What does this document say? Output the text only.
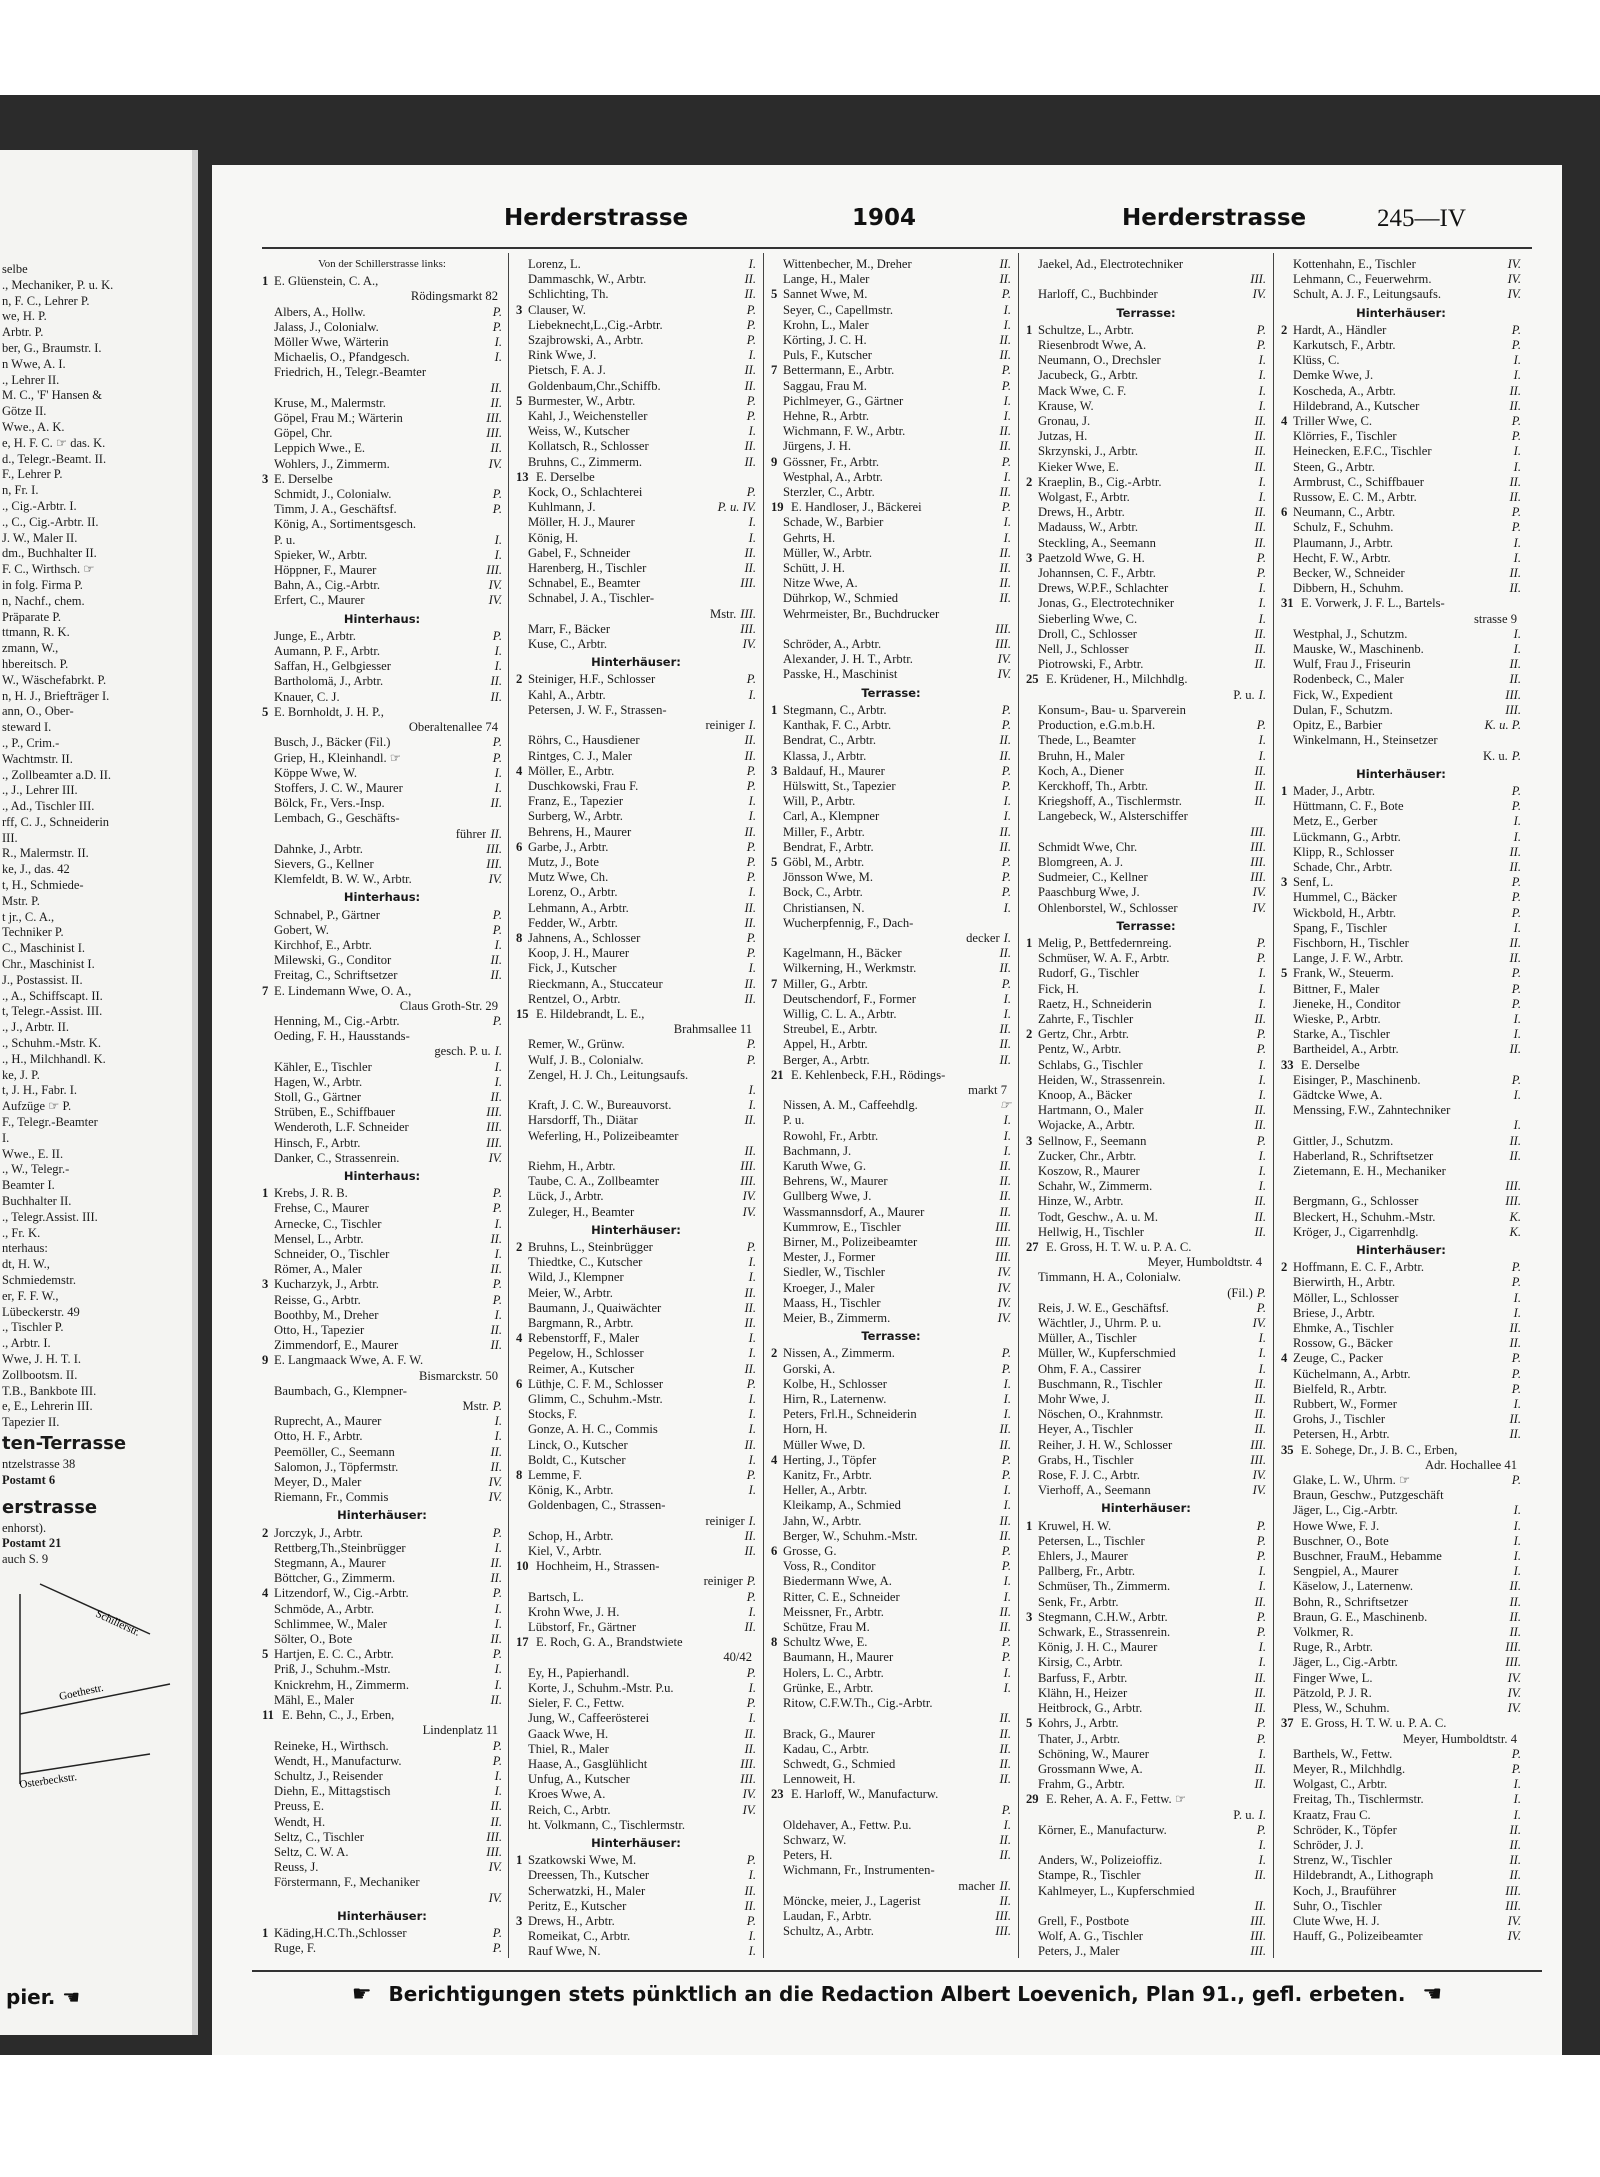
selbe
., Mechaniker, P. u. K.
n, F. C., Lehrer P.
we, H. P.
Arbtr. P.
ber, G., Braumstr. I.
n Wwe, A. I.
., Lehrer II.
M. C., 'F' Hansen &
Götze II.
Wwe., A. K.
e, H. F. C. ☞ das. K.
d., Telegr.-Beamt. II.
F., Lehrer P.
n, Fr. I.
., Cig.-Arbtr. I.
., C., Cig.-Arbtr. II.
J. W., Maler II.
dm., Buchhalter II.
F. C., Wirthsch. ☞
in folg. Firma P.
n, Nachf., chem.
Präparate P.
ttmann, R. K.
zmann, W.,
hbereitsch. P.
W., Wäschefabrkt. P.
n, H. J., Briefträger I.
ann, O., Ober-
steward I.
., P., Crim.-
Wachtmstr. II.
., Zollbeamter a.D. II.
., J., Lehrer III.
., Ad., Tischler III.
rff, C. J., Schneiderin
III.
R., Malermstr. II.
ke, J., das. 42
t, H., Schmiede-
Mstr. P.
t jr., C. A.,
Techniker P.
C., Maschinist I.
Chr., Maschinist I.
J., Postassist. II.
., A., Schiffscapt. II.
t, Telegr.-Assist. III.
., J., Arbtr. II.
., Schuhm.-Mstr. K.
., H., Milchhandl. K.
ke, J. P.
t, J. H., Fabr. I.
Aufzüge ☞ P.
F., Telegr.-Beamter
I.
Wwe., E. II.
., W., Telegr.-
Beamter I.
Buchhalter II.
., Telegr.Assist. III.
., Fr. K.
nterhaus:
dt, H. W.,
Schmiedemstr.
er, F. F. W.,
Lübeckerstr. 49
., Tischler P.
., Arbtr. I.
Wwe, J. H. T. I.
Zollbootsm. II.
T.B., Bankbote III.
e, E., Lehrerin III.
Tapezier II.
ten-Terrasse
ntzelstrasse 38
Postamt 6
erstrasse
enhorst).
Postamt 21
auch S. 9
Schillerstr.
Goethestr.
Osterbeckstr.
pier. ☚
Herderstrasse	1904	Herderstrasse	245—IV
Von der Schillerstrasse links:
1 E. Glüenstein, C. A.,
Rödingsmarkt 82
Albers, A., Hollw.	P.
Jalass, J., Colonialw.	P.
Möller Wwe, Wärterin	I.
Michaelis, O., Pfandgesch.	I.
Friedrich, H., Telegr.-Beamter
II.
Kruse, M., Malermstr.	II.
Göpel, Frau M.; Wärterin	III.
Göpel, Chr.	III.
Leppich Wwe., E.	II.
Wohlers, J., Zimmerm.	IV.
3 E. Derselbe
Schmidt, J., Colonialw.	P.
Timm, J. A., Geschäftsf.	P.
König, A., Sortimentsgesch.
P. u.	I.
Spieker, W., Arbtr.	I.
Höppner, F., Maurer	III.
Bahn, A., Cig.-Arbtr.	IV.
Erfert, C., Maurer	IV.
Hinterhaus:
Junge, E., Arbtr.	P.
Aumann, P. F., Arbtr.	I.
Saffan, H., Gelbgiesser	I.
Bartholomä, J., Arbtr.	II.
Knauer, C. J.	II.
5 E. Bornholdt, J. H. P.,
Oberaltenallee 74
Busch, J., Bäcker (Fil.)	P.
Griep, H., Kleinhandl. ☞	P.
Köppe Wwe, W.	I.
Stoffers, J. C. W., Maurer	I.
Bölck, Fr., Vers.-Insp.	II.
Lembach, G., Geschäfts-
führer II.
Dahnke, J., Arbtr.	III.
Sievers, G., Kellner	III.
Klemfeldt, B. W. W., Arbtr.	IV.
Hinterhaus:
Schnabel, P., Gärtner	P.
Gobert, W.	P.
Kirchhof, E., Arbtr.	I.
Milewski, G., Conditor	II.
Freitag, C., Schriftsetzer	II.
7 E. Lindemann Wwe, O. A.,
Claus Groth-Str. 29
Henning, M., Cig.-Arbtr.	P.
Oeding, F. H., Hausstands-
gesch. P. u. I.
Kähler, E., Tischler	I.
Hagen, W., Arbtr.	I.
Stoll, G., Gärtner	II.
Strüben, E., Schiffbauer	III.
Wenderoth, L.F. Schneider	III.
Hinsch, F., Arbtr.	III.
Danker, C., Strassenrein.	IV.
Hinterhaus:
1 Krebs, J. R. B.	P.
Frehse, C., Maurer	P.
Arnecke, C., Tischler	I.
Mensel, L., Arbtr.	II.
Schneider, O., Tischler	I.
Römer, A., Maler	II.
3 Kucharzyk, J., Arbtr.	P.
Reisse, G., Arbtr.	P.
Boothby, M., Dreher	I.
Otto, H., Tapezier	II.
Zimmendorf, E., Maurer	II.
9 E. Langmaack Wwe, A. F. W.
Bismarckstr. 50
Baumbach, G., Klempner-
Mstr. P.
Ruprecht, A., Maurer	I.
Otto, H. F., Arbtr.	I.
Peemöller, C., Seemann	II.
Salomon, J., Töpfermstr.	II.
Meyer, D., Maler	IV.
Riemann, Fr., Commis	IV.
Hinterhäuser:
2 Jorczyk, J., Arbtr.	P.
Rettberg,Th.,Steinbrügger	I.
Stegmann, A., Maurer	II.
Böttcher, G., Zimmerm.	II.
4 Litzendorf, W., Cig.-Arbtr.	P.
Schmöde, A., Arbtr.	I.
Schlimmee, W., Maler	I.
Sölter, O., Bote	II.
5 Hartjen, E. C. C., Arbtr.	P.
Priß, J., Schuhm.-Mstr.	I.
Knickrehm, H., Zimmerm.	I.
Mähl, E., Maler	II.
11 E. Behn, C., J., Erben,
Lindenplatz 11
Reineke, H., Wirthsch.	P.
Wendt, H., Manufacturw.	P.
Schultz, J., Reisender	I.
Diehn, E., Mittagstisch	I.
Preuss, E.	II.
Wendt, H.	II.
Seltz, C., Tischler	III.
Seltz, C. W. A.	III.
Reuss, J.	IV.
Förstermann, F., Mechaniker
IV.
Hinterhäuser:
1 Käding,H.C.Th.,Schlosser	P.
Ruge, F.	P.
Lorenz, L.	I.
Dammaschk, W., Arbtr.	II.
Schlichting, Th.	II.
3 Clauser, W.	P.
Liebeknecht,L.,Cig.-Arbtr.	P.
Szajbrowski, A., Arbtr.	P.
Rink Wwe, J.	I.
Pietsch, F. A. J.	II.
Goldenbaum,Chr.,Schiffb.	II.
5 Burmester, W., Arbtr.	P.
Kahl, J., Weichensteller	P.
Weiss, W., Kutscher	I.
Kollatsch, R., Schlosser	II.
Bruhns, C., Zimmerm.	II.
13 E. Derselbe
Kock, O., Schlachterei	P.
Kuhlmann, J.	P. u. IV.
Möller, H. J., Maurer	I.
König, H.	I.
Gabel, F., Schneider	II.
Harenberg, H., Tischler	II.
Schnabel, E., Beamter	III.
Schnabel, J. A., Tischler-
Mstr. III.
Marr, F., Bäcker	III.
Kuse, C., Arbtr.	IV.
Hinterhäuser:
2 Steiniger, H.F., Schlosser	P.
Kahl, A., Arbtr.	I.
Petersen, J. W. F., Strassen-
reiniger I.
Röhrs, C., Hausdiener	II.
Rintges, C. J., Maler	II.
4 Möller, E., Arbtr.	P.
Duschkowski, Frau F.	P.
Franz, E., Tapezier	I.
Surberg, W., Arbtr.	I.
Behrens, H., Maurer	II.
6 Garbe, J., Arbtr.	P.
Mutz, J., Bote	P.
Mutz Wwe, Ch.	P.
Lorenz, O., Arbtr.	I.
Lehmann, A., Arbtr.	II.
Fedder, W., Arbtr.	II.
8 Jahnens, A., Schlosser	P.
Koop, J. H., Maurer	P.
Fick, J., Kutscher	I.
Rieckmann, A., Stuccateur	II.
Rentzel, O., Arbtr.	II.
15 E. Hildebrandt, L. E.,
Brahmsallee 11
Remer, W., Grünw.	P.
Wulf, J. B., Colonialw.	P.
Zengel, H. J. Ch., Leitungsaufs.
I.
Kraft, J. C. W., Bureauvorst.	I.
Harsdorff, Th., Diätar	II.
Weferling, H., Polizeibeamter
II.
Riehm, H., Arbtr.	III.
Taube, C. A., Zollbeamter	III.
Lück, J., Arbtr.	IV.
Zuleger, H., Beamter	IV.
Hinterhäuser:
2 Bruhns, L., Steinbrügger	P.
Thiedtke, C., Kutscher	I.
Wild, J., Klempner	I.
Meier, W., Arbtr.	II.
Baumann, J., Quaiwächter	II.
Bargmann, R., Arbtr.	II.
4 Rebenstorff, F., Maler	I.
Pegelow, H., Schlosser	I.
Reimer, A., Kutscher	II.
6 Lüthje, C. F. M., Schlosser	P.
Glimm, C., Schuhm.-Mstr.	I.
Stocks, F.	I.
Gonze, A. H. C., Commis	I.
Linck, O., Kutscher	II.
Boldt, C., Kutscher	I.
8 Lemme, F.	P.
König, K., Arbtr.	I.
Goldenbagen, C., Strassen-
reiniger I.
Schop, H., Arbtr.	II.
Kiel, V., Arbtr.	II.
10 Hochheim, H., Strassen-
reiniger P.
Bartsch, L.	P.
Krohn Wwe, J. H.	I.
Lübstorf, Fr., Gärtner	II.
17 E. Roch, G. A., Brandstwiete
40/42
Ey, H., Papierhandl.	P.
Korte, J., Schuhm.-Mstr. P.u.	I.
Sieler, F. C., Fettw.	P.
Jung, W., Caffeerösterei	I.
Gaack Wwe, H.	II.
Thiel, R., Maler	II.
Haase, A., Gasglühlicht	III.
Unfug, A., Kutscher	III.
Kroes Wwe, A.	IV.
Reich, C., Arbtr.	IV.
ht. Volkmann, C., Tischlermstr.
Hinterhäuser:
1 Szatkowski Wwe, M.	P.
Dreessen, Th., Kutscher	I.
Scherwatzki, H., Maler	II.
Peritz, E., Kutscher	II.
3 Drews, H., Arbtr.	P.
Romeikat, C., Arbtr.	I.
Rauf Wwe, N.	I.
Wittenbecher, M., Dreher	II.
Lange, H., Maler	II.
5 Sannet Wwe, M.	P.
Seyer, C., Capellmstr.	I.
Krohn, L., Maler	I.
Körting, J. C. H.	II.
Puls, F., Kutscher	II.
7 Bettermann, E., Arbtr.	P.
Saggau, Frau M.	P.
Pichlmeyer, G., Gärtner	I.
Hehne, R., Arbtr.	I.
Wichmann, F. W., Arbtr.	II.
Jürgens, J. H.	II.
9 Gössner, Fr., Arbtr.	P.
Westphal, A., Arbtr.	I.
Sterzler, C., Arbtr.	II.
19 E. Handloser, J., Bäckerei	P.
Schade, W., Barbier	I.
Gehrts, H.	I.
Müller, W., Arbtr.	II.
Schütt, J. H.	II.
Nitze Wwe, A.	II.
Dührkop, W., Schmied	II.
Wehrmeister, Br., Buchdrucker
III.
Schröder, A., Arbtr.	III.
Alexander, J. H. T., Arbtr.	IV.
Passke, H., Maschinist	IV.
Terrasse:
1 Stegmann, C., Arbtr.	P.
Kanthak, F. C., Arbtr.	P.
Bendrat, C., Arbtr.	II.
Klassa, J., Arbtr.	II.
3 Baldauf, H., Maurer	P.
Hülswitt, St., Tapezier	P.
Will, P., Arbtr.	I.
Carl, A., Klempner	I.
Miller, F., Arbtr.	II.
Bendrat, F., Arbtr.	II.
5 Göbl, M., Arbtr.	P.
Jönsson Wwe, M.	P.
Bock, C., Arbtr.	P.
Christiansen, N.	I.
Wucherpfennig, F., Dach-
decker I.
Kagelmann, H., Bäcker	II.
Wilkerning, H., Werkmstr.	II.
7 Miller, G., Arbtr.	P.
Deutschendorf, F., Former	I.
Willig, C. L. A., Arbtr.	I.
Streubel, E., Arbtr.	II.
Appel, H., Arbtr.	II.
Berger, A., Arbtr.	II.
21 E. Kehlenbeck, F.H., Rödings-
markt 7
Nissen, A. M., Caffeehdlg.	☞
P. u.	I.
Rowohl, Fr., Arbtr.	I.
Bachmann, J.	I.
Karuth Wwe, G.	II.
Behrens, W., Maurer	II.
Gullberg Wwe, J.	II.
Wassmannsdorf, A., Maurer	II.
Kummrow, E., Tischler	III.
Birner, M., Polizeibeamter	III.
Mester, J., Former	III.
Siedler, W., Tischler	IV.
Kroeger, J., Maler	IV.
Maass, H., Tischler	IV.
Meier, B., Zimmerm.	IV.
Terrasse:
2 Nissen, A., Zimmerm.	P.
Gorski, A.	P.
Kolbe, H., Schlosser	I.
Hirn, R., Laternenw.	I.
Peters, Frl.H., Schneiderin	I.
Horn, H.	II.
Müller Wwe, D.	II.
4 Herting, J., Töpfer	P.
Kanitz, Fr., Arbtr.	P.
Heller, A., Arbtr.	I.
Kleikamp, A., Schmied	I.
Jahn, W., Arbtr.	II.
Berger, W., Schuhm.-Mstr.	II.
6 Grosse, G.	P.
Voss, R., Conditor	P.
Biedermann Wwe, A.	I.
Ritter, C. E., Schneider	I.
Meissner, Fr., Arbtr.	II.
Schütze, Frau M.	II.
8 Schultz Wwe, E.	P.
Baumann, H., Maurer	P.
Holers, L. C., Arbtr.	I.
Grünke, E., Arbtr.	I.
Ritow, C.F.W.Th., Cig.-Arbtr.
II.
Brack, G., Maurer	II.
Kadau, C., Arbtr.	II.
Schwedt, G., Schmied	II.
Lennoweit, H.	II.
23 E. Harloff, W., Manufacturw.
P.
Oldehaver, A., Fettw. P.u.	I.
Schwarz, W.	II.
Peters, H.	II.
Wichmann, Fr., Instrumenten-
macher II.
Möncke, meier, J., Lagerist	II.
Laudan, F., Arbtr.	III.
Schultz, A., Arbtr.	III.
Jaekel, Ad., Electrotechniker
III.
Harloff, C., Buchbinder	IV.
Terrasse:
1 Schultze, L., Arbtr.	P.
Riesenbrodt Wwe, A.	P.
Neumann, O., Drechsler	I.
Jacubeck, G., Arbtr.	I.
Mack Wwe, C. F.	I.
Krause, W.	I.
Gronau, J.	II.
Jutzas, H.	II.
Skrzynski, J., Arbtr.	II.
Kieker Wwe, E.	II.
2 Kraeplin, B., Cig.-Arbtr.	I.
Wolgast, F., Arbtr.	I.
Drews, H., Arbtr.	II.
Madauss, W., Arbtr.	II.
Steckling, A., Seemann	II.
3 Paetzold Wwe, G. H.	P.
Johannsen, C. F., Arbtr.	P.
Drews, W.P.F., Schlachter	I.
Jonas, G., Electrotechniker	I.
Sieberling Wwe, C.	I.
Droll, C., Schlosser	II.
Nell, J., Schlosser	II.
Piotrowski, F., Arbtr.	II.
25 E. Krüdener, H., Milchhdlg.
P. u. I.
Konsum-, Bau- u. Sparverein
Production, e.G.m.b.H.	P.
Thede, L., Beamter	I.
Bruhn, H., Maler	I.
Koch, A., Diener	II.
Kerckhoff, Th., Arbtr.	II.
Kriegshoff, A., Tischlermstr.	II.
Langebeck, W., Alsterschiffer
III.
Schmidt Wwe, Chr.	III.
Blomgreen, A. J.	III.
Sudmeier, C., Kellner	III.
Paaschburg Wwe, J.	IV.
Ohlenborstel, W., Schlosser	IV.
Terrasse:
1 Melig, P., Bettfedernreing.	P.
Schmüser, W. A. F., Arbtr.	P.
Rudorf, G., Tischler	I.
Fick, H.	I.
Raetz, H., Schneiderin	I.
Zahrte, F., Tischler	II.
2 Gertz, Chr., Arbtr.	P.
Pentz, W., Arbtr.	P.
Schlabs, G., Tischler	I.
Heiden, W., Strassenrein.	I.
Knoop, A., Bäcker	I.
Hartmann, O., Maler	II.
Wojacke, A., Arbtr.	II.
3 Sellnow, F., Seemann	P.
Zucker, Chr., Arbtr.	I.
Koszow, R., Maurer	I.
Schahr, W., Zimmerm.	I.
Hinze, W., Arbtr.	II.
Todt, Geschw., A. u. M.	II.
Hellwig, H., Tischler	II.
27 E. Gross, H. T. W. u. P. A. C.
Meyer, Humboldtstr. 4
Timmann, H. A., Colonialw.
(Fil.) P.
Reis, J. W. E., Geschäftsf.	P.
Wächtler, J., Uhrm. P. u.	IV.
Müller, A., Tischler	I.
Müller, W., Kupferschmied	I.
Ohm, F. A., Cassirer	I.
Buschmann, R., Tischler	II.
Mohr Wwe, J.	II.
Nöschen, O., Krahnmstr.	II.
Heyer, A., Tischler	II.
Reiher, J. H. W., Schlosser	III.
Grabs, H., Tischler	III.
Rose, F. J. C., Arbtr.	IV.
Vierhoff, A., Seemann	IV.
Hinterhäuser:
1 Kruwel, H. W.	P.
Petersen, L., Tischler	P.
Ehlers, J., Maurer	P.
Pallberg, Fr., Arbtr.	I.
Schmüser, Th., Zimmerm.	I.
Senk, Fr., Arbtr.	II.
3 Stegmann, C.H.W., Arbtr.	P.
Schwark, E., Strassenrein.	P.
König, J. H. C., Maurer	I.
Kirsig, C., Arbtr.	I.
Barfuss, F., Arbtr.	II.
Klähn, H., Heizer	II.
Heitbrock, G., Arbtr.	II.
5 Kohrs, J., Arbtr.	P.
Thater, J., Arbtr.	P.
Schöning, W., Maurer	I.
Grossmann Wwe, A.	II.
Frahm, G., Arbtr.	II.
29 E. Reher, A. A. F., Fettw. ☞
P. u. I.
Körner, E., Manufacturw.	P.
I.
Anders, W., Polizeioffiz.	I.
Stampe, R., Tischler	II.
Kahlmeyer, L., Kupferschmied
II.
Grell, F., Postbote	III.
Wolf, A. G., Tischler	III.
Peters, J., Maler	III.
Kottenhahn, E., Tischler	IV.
Lehmann, C., Feuerwehrm.	IV.
Schult, A. J. F., Leitungsaufs.	IV.
Hinterhäuser:
2 Hardt, A., Händler	P.
Karkutsch, F., Arbtr.	P.
Klüss, C.	I.
Demke Wwe, J.	I.
Koscheda, A., Arbtr.	II.
Hildebrand, A., Kutscher	II.
4 Triller Wwe, C.	P.
Klörries, F., Tischler	P.
Heinecken, E.F.C., Tischler	I.
Steen, G., Arbtr.	I.
Armbrust, C., Schiffbauer	II.
Russow, E. C. M., Arbtr.	II.
6 Neumann, C., Arbtr.	P.
Schulz, F., Schuhm.	P.
Plaumann, J., Arbtr.	I.
Hecht, F. W., Arbtr.	I.
Becker, W., Schneider	II.
Dibbern, H., Schuhm.	II.
31 E. Vorwerk, J. F. L., Bartels-
strasse 9
Westphal, J., Schutzm.	I.
Mauske, W., Maschinenb.	I.
Wulf, Frau J., Friseurin	II.
Rodenbeck, C., Maler	II.
Fick, W., Expedient	III.
Dulan, F., Schutzm.	III.
Opitz, E., Barbier	K. u. P.
Winkelmann, H., Steinsetzer
K. u. P.
Hinterhäuser:
1 Mader, J., Arbtr.	P.
Hüttmann, C. F., Bote	P.
Metz, E., Gerber	I.
Lückmann, G., Arbtr.	I.
Klipp, R., Schlosser	II.
Schade, Chr., Arbtr.	II.
3 Senf, L.	P.
Hummel, C., Bäcker	P.
Wickbold, H., Arbtr.	P.
Spang, F., Tischler	I.
Fischborn, H., Tischler	II.
Lange, J. F. W., Arbtr.	II.
5 Frank, W., Steuerm.	P.
Bittner, F., Maler	P.
Jieneke, H., Conditor	P.
Wieske, P., Arbtr.	I.
Starke, A., Tischler	I.
Bartheidel, A., Arbtr.	II.
33 E. Derselbe
Eisinger, P., Maschinenb.	P.
Gädtcke Wwe, A.	I.
Menssing, F.W., Zahntechniker
I.
Gittler, J., Schutzm.	II.
Haberland, R., Schriftsetzer	II.
Zietemann, E. H., Mechaniker
III.
Bergmann, G., Schlosser	III.
Bleckert, H., Schuhm.-Mstr.	K.
Kröger, J., Cigarrenhdlg.	K.
Hinterhäuser:
2 Hoffmann, E. C. F., Arbtr.	P.
Bierwirth, H., Arbtr.	P.
Möller, L., Schlosser	I.
Briese, J., Arbtr.	I.
Ehmke, A., Tischler	II.
Rossow, G., Bäcker	II.
4 Zeuge, C., Packer	P.
Küchelmann, A., Arbtr.	P.
Bielfeld, R., Arbtr.	P.
Rubbert, W., Former	I.
Grohs, J., Tischler	II.
Petersen, H., Arbtr.	II.
35 E. Sohege, Dr., J. B. C., Erben,
Adr. Hochallee 41
Glake, L. W., Uhrm. ☞	P.
Braun, Geschw., Putzgeschäft
Jäger, L., Cig.-Arbtr.	I.
Howe Wwe, F. J.	I.
Buschner, O., Bote	I.
Buschner, FrauM., Hebamme	I.
Sengpiel, A., Maurer	I.
Käselow, J., Laternenw.	II.
Bohn, R., Schriftsetzer	II.
Braun, G. E., Maschinenb.	II.
Volkmer, R.	II.
Ruge, R., Arbtr.	III.
Jäger, L., Cig.-Arbtr.	III.
Finger Wwe, L.	IV.
Pätzold, P. J. R.	IV.
Pless, W., Schuhm.	IV.
37 E. Gross, H. T. W. u. P. A. C.
Meyer, Humboldtstr. 4
Barthels, W., Fettw.	P.
Meyer, R., Milchhdlg.	P.
Wolgast, C., Arbtr.	I.
Freitag, Th., Tischlermstr.	I.
Kraatz, Frau C.	I.
Schröder, K., Töpfer	II.
Schröder, J. J.	II.
Strenz, W., Tischler	II.
Hildebrandt, A., Lithograph	II.
Koch, J., Brauführer	III.
Suhr, O., Tischler	III.
Clute Wwe, H. J.	IV.
Hauff, G., Polizeibeamter	IV.
☛ Berichtigungen stets pünktlich an die Redaction Albert Loevenich, Plan 91., gefl. erbeten. ☚
